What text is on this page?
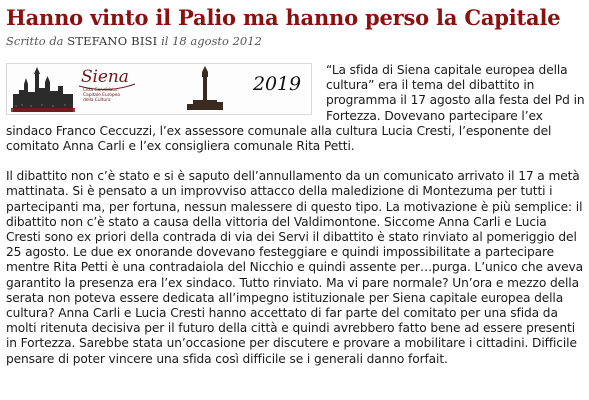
Hanno vinto il Palio ma hanno perso la Capitale
Scritto da STEFANO BISI il 18 agosto 2012
Siena
Città Candidata Capitale Europea della Cultura
2019

“La sfida di Siena capitale europea della cultura” era il tema del dibattito in programma il 17 agosto alla festa del Pd in Fortezza. Dovevano partecipare l’ex sindaco Franco Ceccuzzi, l’ex assessore comunale alla cultura Lucia Cresti, l’esponente del comitato Anna Carli e l’ex consigliera comunale Rita Petti.

Il dibattito non c’è stato e si è saputo dell’annullamento da un comunicato arrivato il 17 a metà mattinata. Si è pensato a un improvviso attacco della maledizione di Montezuma per tutti i partecipanti ma, per fortuna, nessun malessere di questo tipo. La motivazione è più semplice: il dibattito non c’è stato a causa della vittoria del Valdimontone. Siccome Anna Carli e Lucia Cresti sono ex priori della contrada di via dei Servi il dibattito è stato rinviato al pomeriggio del 25 agosto. Le due ex onorande dovevano festeggiare e quindi impossibilitate a partecipare mentre Rita Petti è una contradaiola del Nicchio e quindi assente per…purga. L’unico che aveva garantito la presenza era l’ex sindaco. Tutto rinviato. Ma vi pare normale? Un’ora e mezzo della serata non poteva essere dedicata all’impegno istituzionale per Siena capitale europea della cultura? Anna Carli e Lucia Cresti hanno accettato di far parte del comitato per una sfida da molti ritenuta decisiva per il futuro della città e quindi avrebbero fatto bene ad essere presenti in Fortezza. Sarebbe stata un’occasione per discutere e provare a mobilitare i cittadini. Difficile pensare di poter vincere una sfida così difficile se i generali danno forfait.
